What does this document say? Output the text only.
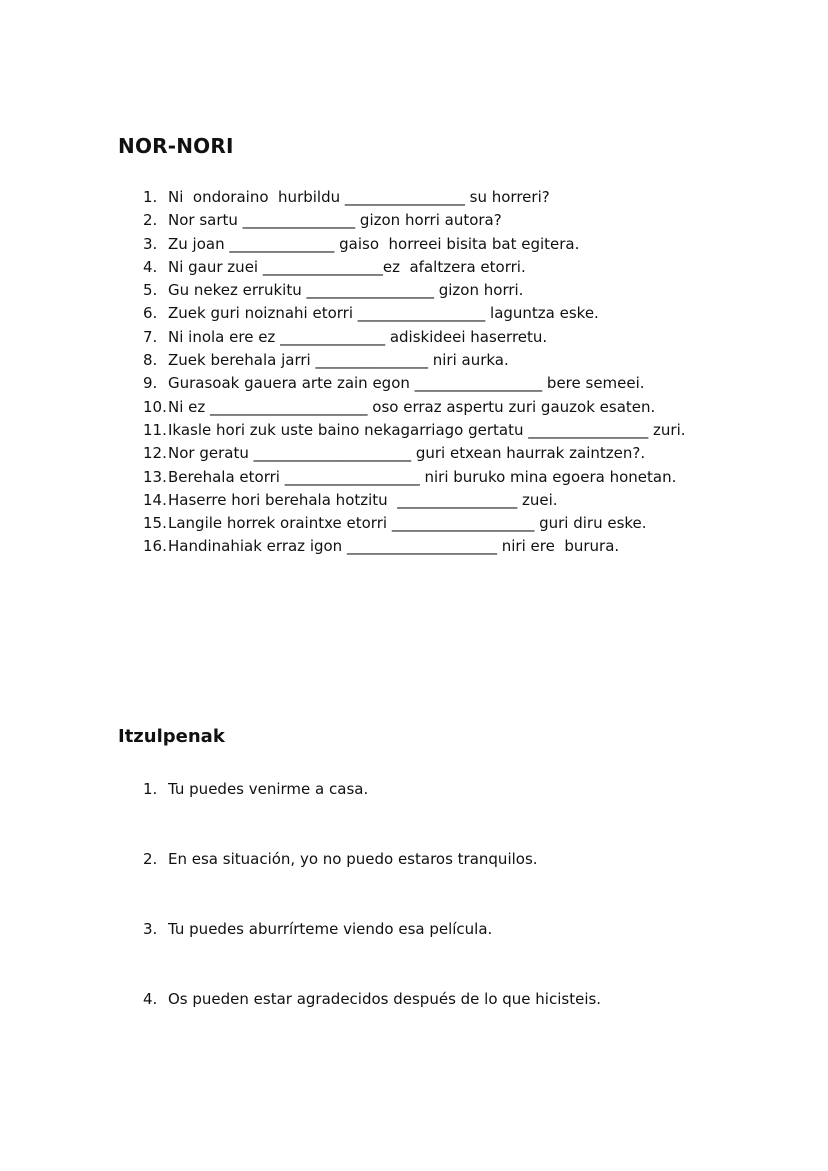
NOR-NORI
1. Ni  ondoraino  hurbildu ________________ su horreri?
2. Nor sartu _______________ gizon horri autora?
3. Zu joan ______________ gaiso  horreei bisita bat egitera.
4. Ni gaur zuei ________________ez  afaltzera etorri.
5. Gu nekez errukitu _________________ gizon horri.
6. Zuek guri noiznahi etorri _________________ laguntza eske.
7. Ni inola ere ez ______________ adiskideei haserretu.
8. Zuek berehala jarri _______________ niri aurka.
9. Gurasoak gauera arte zain egon _________________ bere semeei.
10. Ni ez _____________________ oso erraz aspertu zuri gauzok esaten.
11. Ikasle hori zuk uste baino nekagarriago gertatu ________________ zuri.
12. Nor geratu _____________________ guri etxean haurrak zaintzen?.
13. Berehala etorri __________________ niri buruko mina egoera honetan.
14. Haserre hori berehala hotzitu  ________________ zuei.
15. Langile horrek oraintxe etorri ___________________ guri diru eske.
16. Handinahiak erraz igon ____________________ niri ere  burura.
Itzulpenak
1. Tu puedes venirme a casa.
2. En esa situación, yo no puedo estaros tranquilos.
3. Tu puedes aburrírteme viendo esa película.
4. Os pueden estar agradecidos después de lo que hicisteis.
